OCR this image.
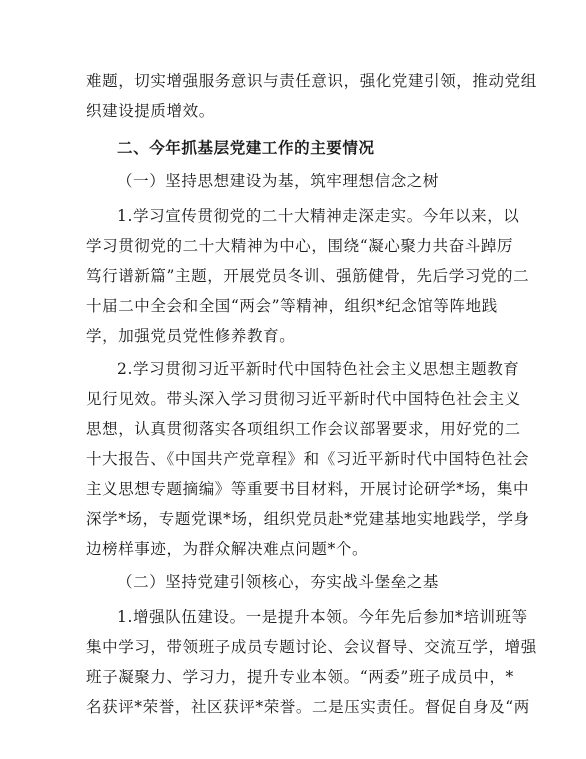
难题，切实增强服务意识与责任意识，强化党建引领，推动党组
织建设提质增效。
二、今年抓基层党建工作的主要情况
（一）坚持思想建设为基，筑牢理想信念之树
1.学习宣传贯彻党的二十大精神走深走实。今年以来，以
学习贯彻党的二十大精神为中心，围绕“凝心聚力共奋斗踔厉
笃行谱新篇”主题，开展党员冬训、强筋健骨，先后学习党的二
十届二中全会和全国“两会”等精神，组织*纪念馆等阵地践
学，加强党员党性修养教育。
2.学习贯彻习近平新时代中国特色社会主义思想主题教育
见行见效。带头深入学习贯彻习近平新时代中国特色社会主义
思想，认真贯彻落实各项组织工作会议部署要求，用好党的二
十大报告、《中国共产党章程》和《习近平新时代中国特色社会
主义思想专题摘编》等重要书目材料，开展讨论研学*场，集中
深学*场，专题党课*场，组织党员赴*党建基地实地践学，学身
边榜样事迹，为群众解决难点问题*个。
（二）坚持党建引领核心，夯实战斗堡垒之基
1.增强队伍建设。一是提升本领。今年先后参加*培训班等
集中学习，带领班子成员专题讨论、会议督导、交流互学，增强
班子凝聚力、学习力，提升专业本领。“两委”班子成员中，*
名获评*荣誉，社区获评*荣誉。二是压实责任。督促自身及“两
